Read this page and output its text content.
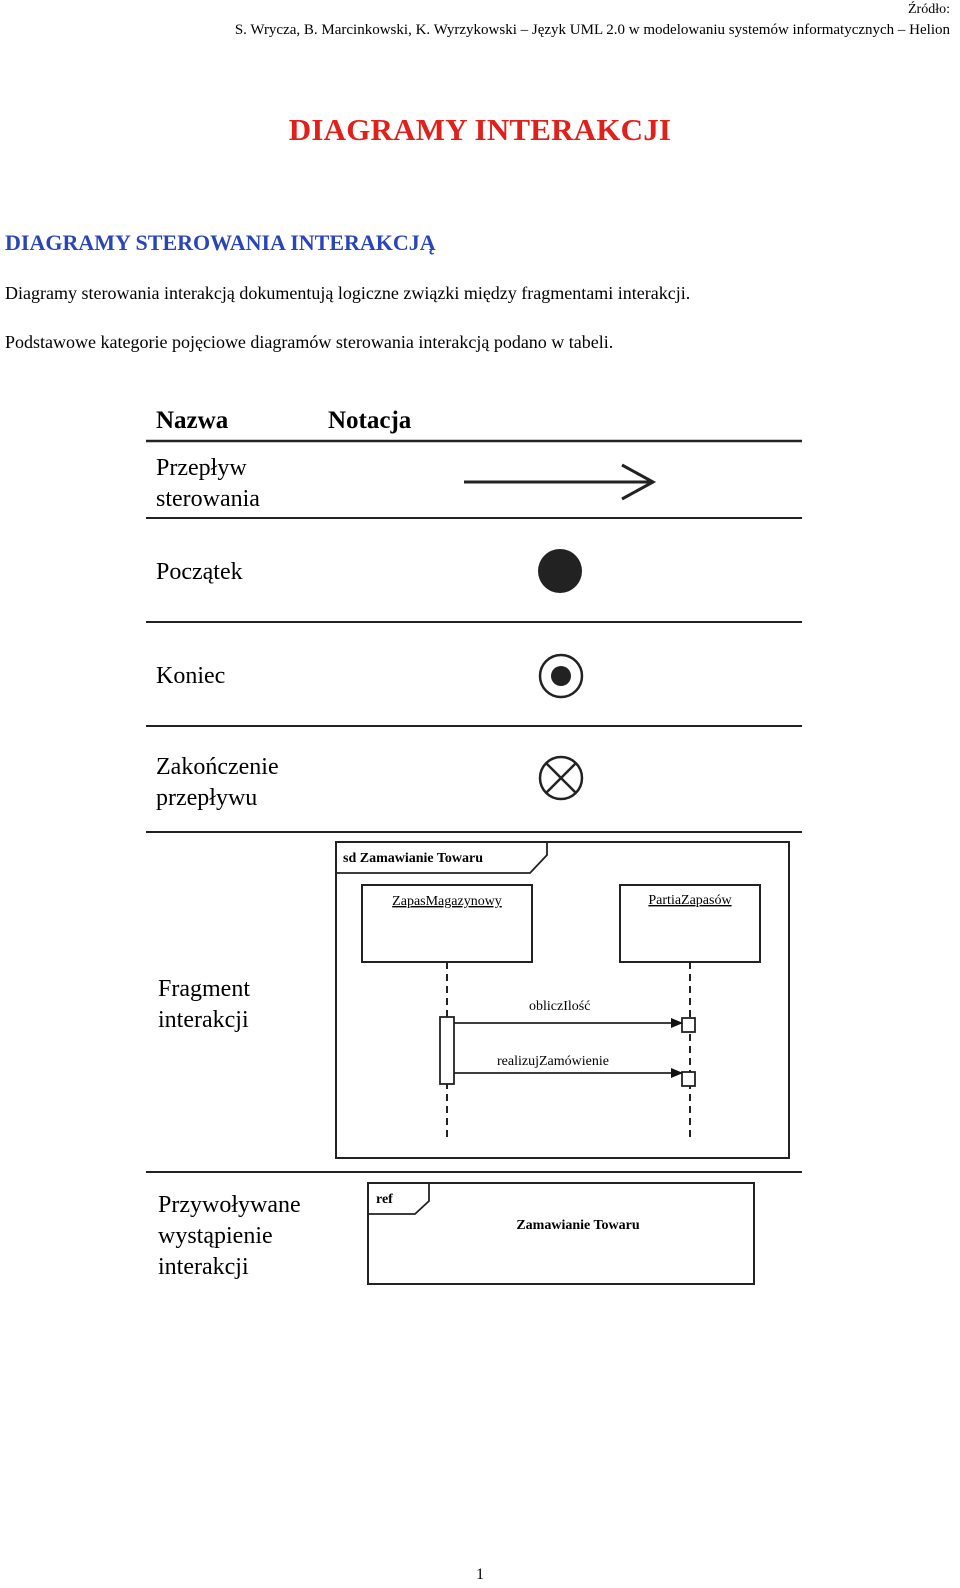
Źródło:
S. Wrycza, B. Marcinkowski, K. Wyrzykowski – Język UML 2.0 w modelowaniu systemów informatycznych – Helion
DIAGRAMY INTERAKCJI
DIAGRAMY STEROWANIA INTERAKCJĄ
Diagramy sterowania interakcją dokumentują logiczne związki między fragmentami interakcji.
Podstawowe kategorie pojęciowe diagramów sterowania interakcją podano w tabeli.
Nazwa	Notacja
Przepływ
sterowania
Początek
Koniec
Zakończenie
przepływu
Fragment
interakcji
sd Zamawianie Towaru
ZapasMagazynowy	PartiaZapasów
obliczIlość
realizujZamówienie
Przywoływane
wystąpienie
interakcji
ref
Zamawianie Towaru
1
